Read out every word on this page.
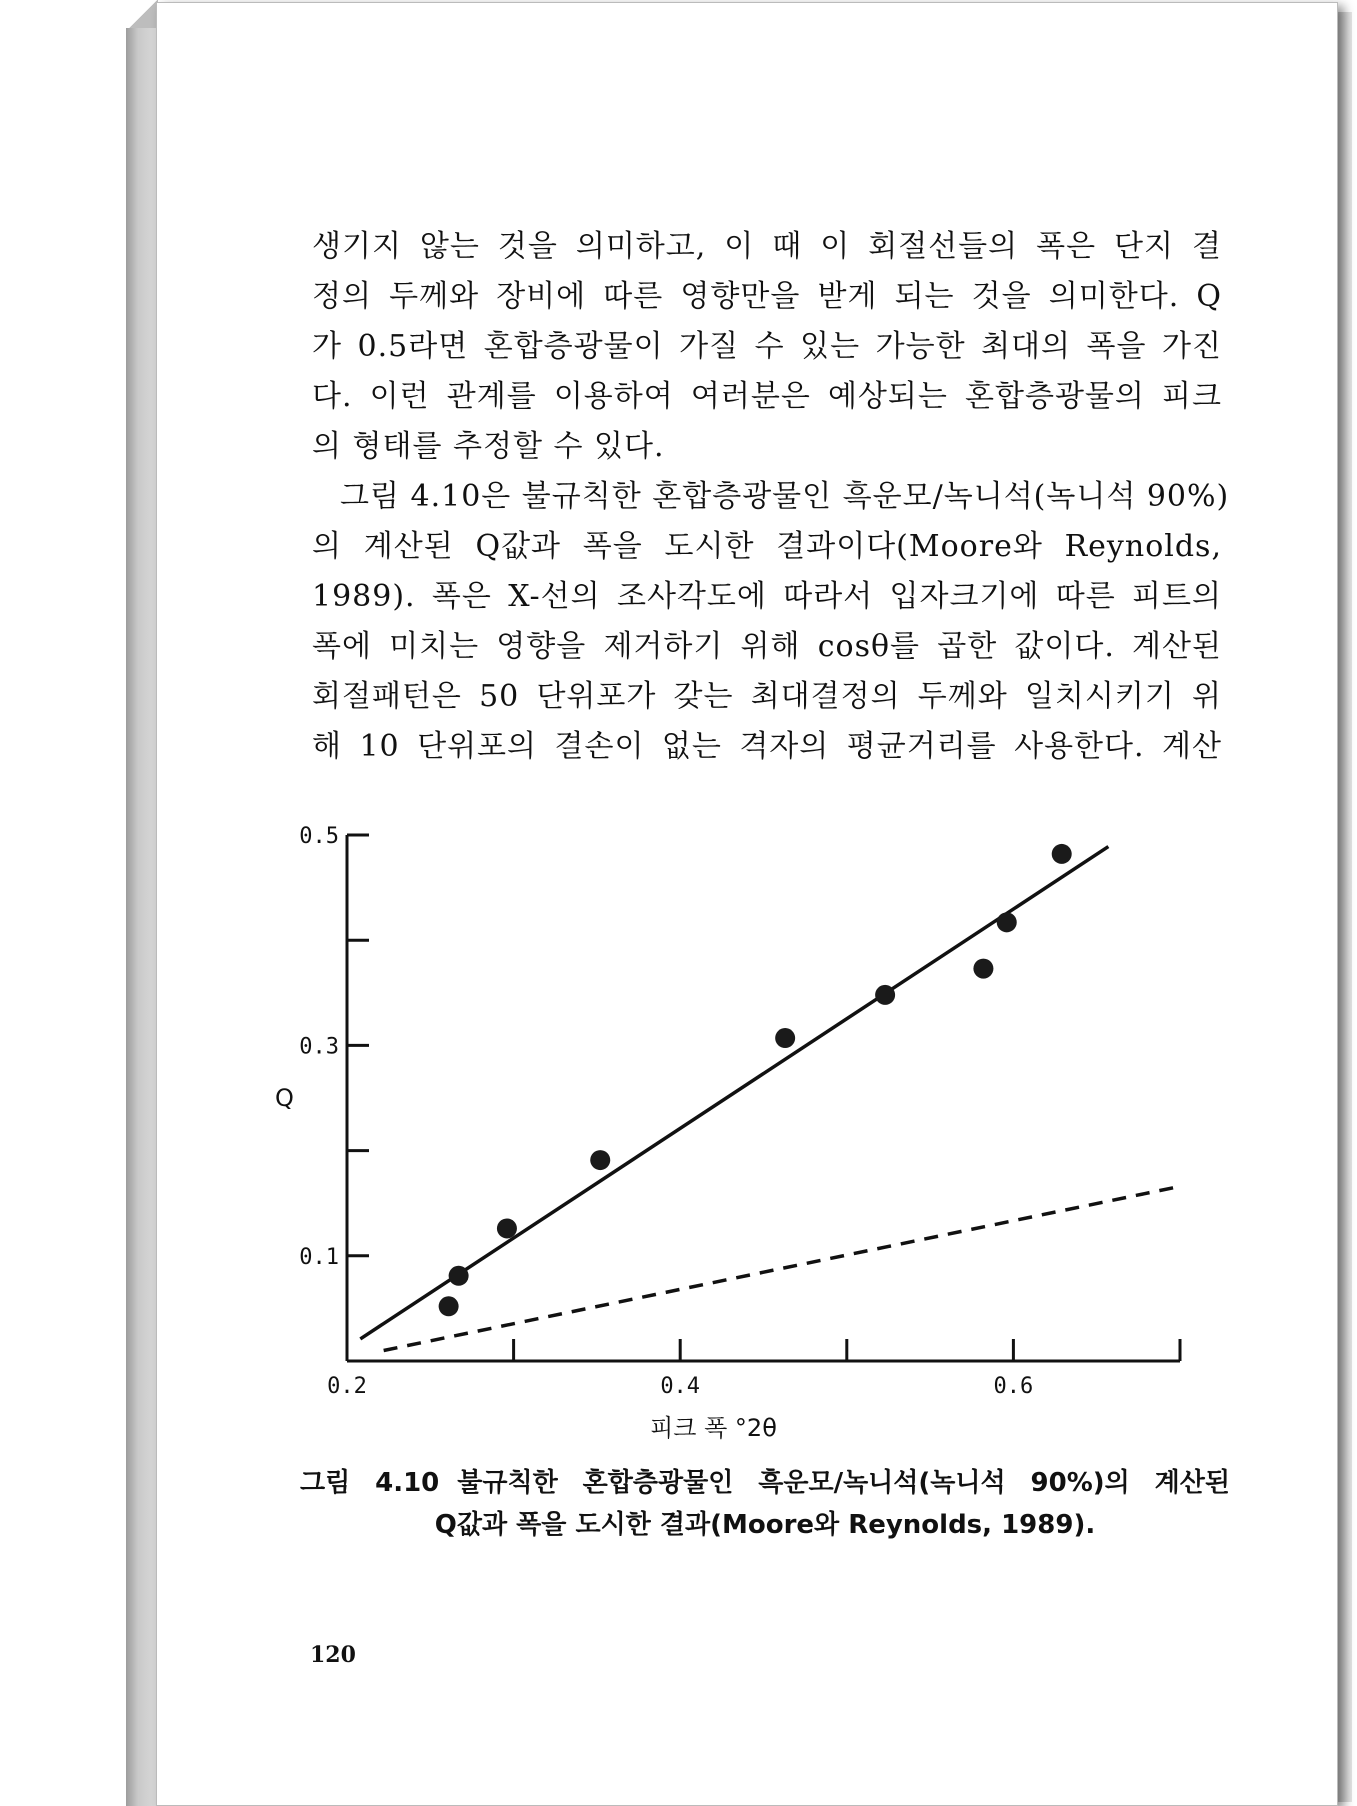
생기지 않는 것을 의미하고, 이 때 이 회절선들의 폭은 단지 결
정의 두께와 장비에 따른 영향만을 받게 되는 것을 의미한다. Q
가 0.5라면 혼합층광물이 가질 수 있는 가능한 최대의 폭을 가진
다. 이런 관계를 이용하여 여러분은 예상되는 혼합층광물의 피크
의 형태를 추정할 수 있다.
그림 4.10은 불규칙한 혼합층광물인 흑운모/녹니석(녹니석 90%)
의 계산된 Q값과 폭을 도시한 결과이다(Moore와 Reynolds,
1989). 폭은 X-선의 조사각도에 따라서 입자크기에 따른 피트의
폭에 미치는 영향을 제거하기 위해 cosθ를 곱한 값이다. 계산된
회절패턴은 50 단위포가 갖는 최대결정의 두께와 일치시키기 위
해 10 단위포의 결손이 없는 격자의 평균거리를 사용한다. 계산
0.5
0.3
0.1
0.2	0.4	0.6
Q
피크 폭 °2θ
그림 4.10 불규칙한 혼합층광물인 흑운모/녹니석(녹니석 90%)의 계산된
Q값과 폭을 도시한 결과(Moore와 Reynolds, 1989).
120
